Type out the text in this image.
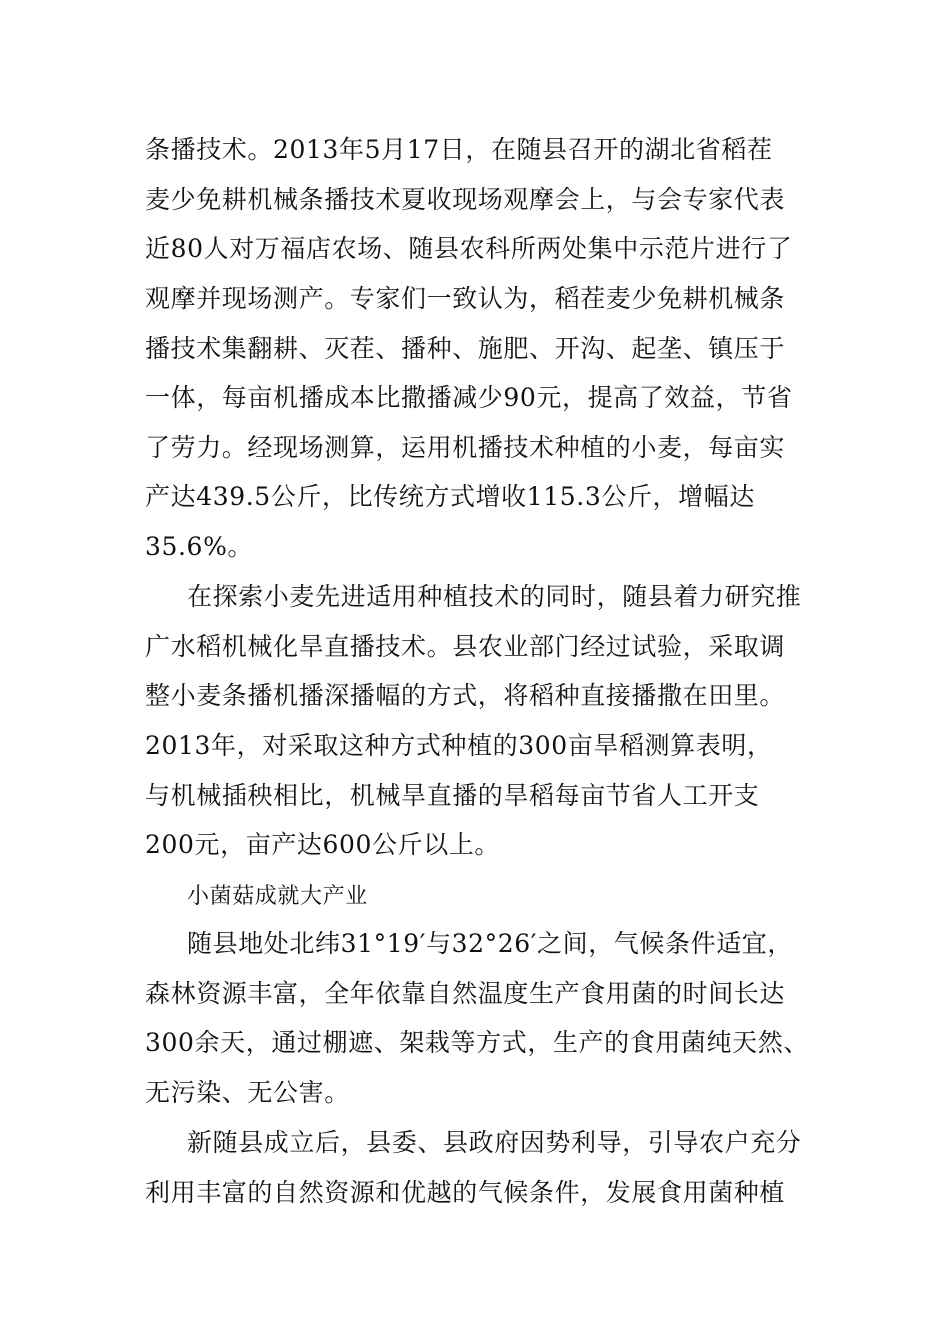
条播技术。2013年5月17日，在随县召开的湖北省稻茬
麦少免耕机械条播技术夏收现场观摩会上，与会专家代表
近80人对万福店农场、随县农科所两处集中示范片进行了
观摩并现场测产。专家们一致认为，稻茬麦少免耕机械条
播技术集翻耕、灭茬、播种、施肥、开沟、起垄、镇压于
一体，每亩机播成本比撒播减少90元，提高了效益，节省
了劳力。经现场测算，运用机播技术种植的小麦，每亩实
产达439.5公斤，比传统方式增收115.3公斤，增幅达
35.6%。
在探索小麦先进适用种植技术的同时，随县着力研究推
广水稻机械化旱直播技术。县农业部门经过试验，采取调
整小麦条播机播深播幅的方式，将稻种直接播撒在田里。
2013年，对采取这种方式种植的300亩旱稻测算表明，
与机械插秧相比，机械旱直播的旱稻每亩节省人工开支
200元，亩产达600公斤以上。
小菌菇成就大产业
随县地处北纬31°19′与32°26′之间，气候条件适宜，
森林资源丰富，全年依靠自然温度生产食用菌的时间长达
300余天，通过棚遮、架栽等方式，生产的食用菌纯天然、
无污染、无公害。
新随县成立后，县委、县政府因势利导，引导农户充分
利用丰富的自然资源和优越的气候条件，发展食用菌种植
